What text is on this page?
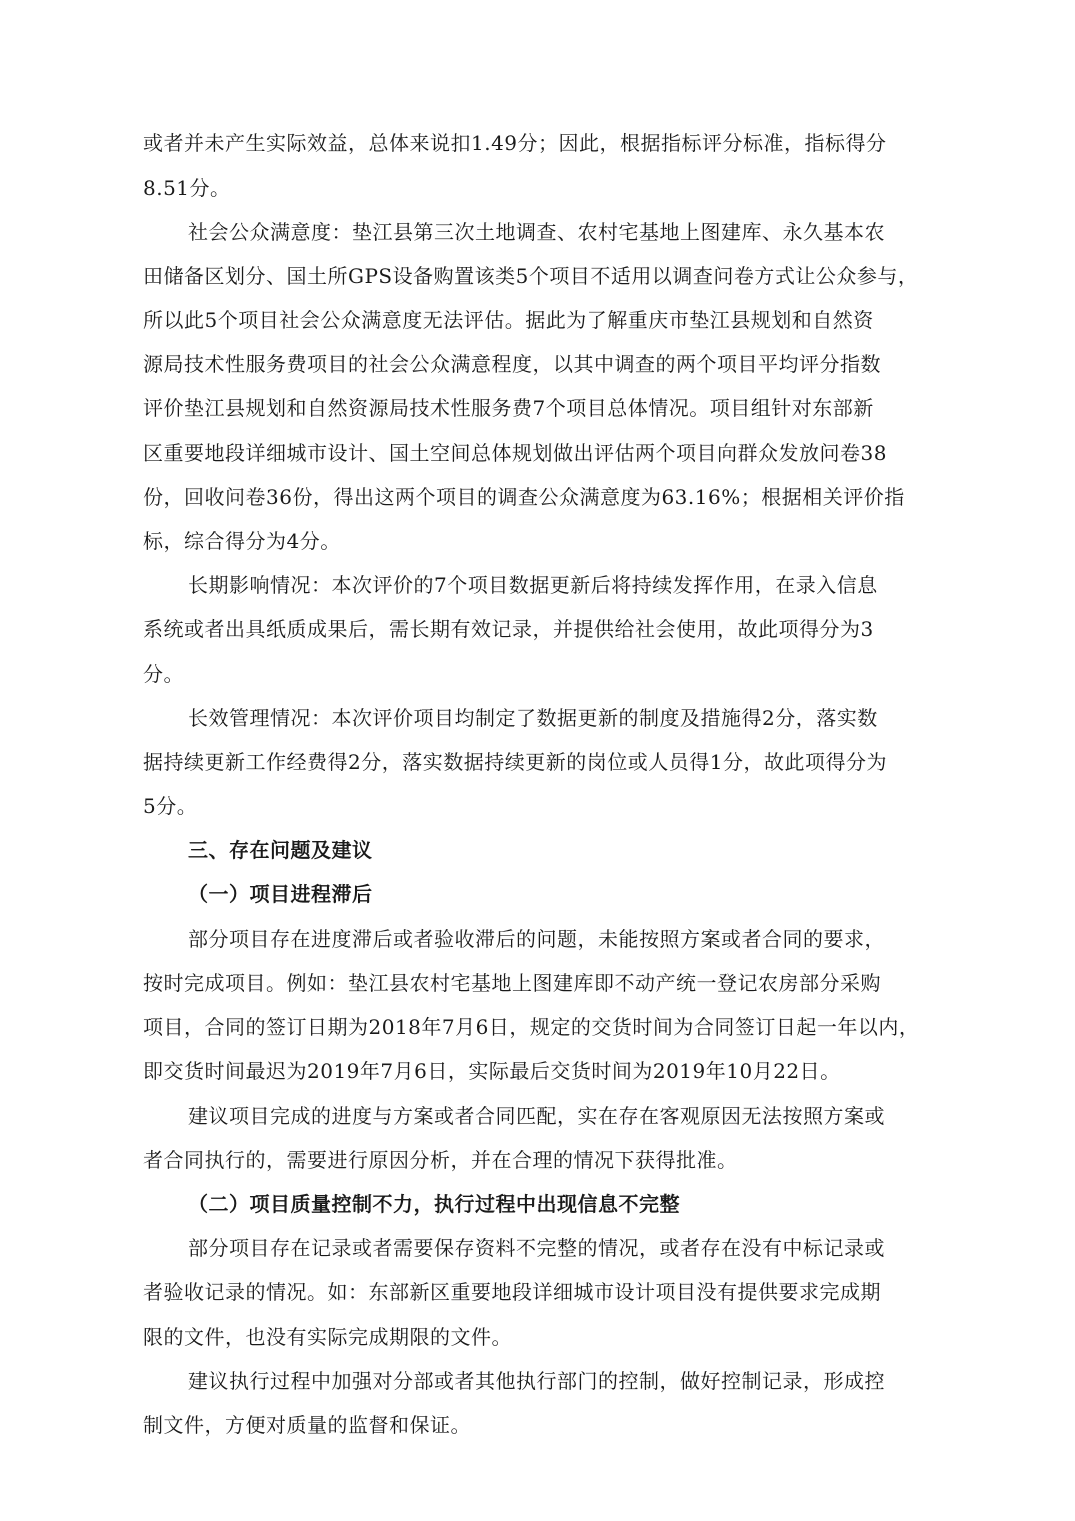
或者并未产生实际效益，总体来说扣1.49分；因此，根据指标评分标准，指标得分
8.51分。
社会公众满意度：垫江县第三次土地调查、农村宅基地上图建库、永久基本农
田储备区划分、国土所GPS设备购置该类5个项目不适用以调查问卷方式让公众参与，
所以此5个项目社会公众满意度无法评估。据此为了解重庆市垫江县规划和自然资
源局技术性服务费项目的社会公众满意程度，以其中调查的两个项目平均评分指数
评价垫江县规划和自然资源局技术性服务费7个项目总体情况。项目组针对东部新
区重要地段详细城市设计、国土空间总体规划做出评估两个项目向群众发放问卷38
份，回收问卷36份，得出这两个项目的调查公众满意度为63.16%；根据相关评价指
标，综合得分为4分。
长期影响情况：本次评价的7个项目数据更新后将持续发挥作用，在录入信息
系统或者出具纸质成果后，需长期有效记录，并提供给社会使用，故此项得分为3
分。
长效管理情况：本次评价项目均制定了数据更新的制度及措施得2分，落实数
据持续更新工作经费得2分，落实数据持续更新的岗位或人员得1分，故此项得分为
5分。
三、存在问题及建议
（一）项目进程滞后
部分项目存在进度滞后或者验收滞后的问题，未能按照方案或者合同的要求，
按时完成项目。例如：垫江县农村宅基地上图建库即不动产统一登记农房部分采购
项目，合同的签订日期为2018年7月6日，规定的交货时间为合同签订日起一年以内，
即交货时间最迟为2019年7月6日，实际最后交货时间为2019年10月22日。
建议项目完成的进度与方案或者合同匹配，实在存在客观原因无法按照方案或
者合同执行的，需要进行原因分析，并在合理的情况下获得批准。
（二）项目质量控制不力，执行过程中出现信息不完整
部分项目存在记录或者需要保存资料不完整的情况，或者存在没有中标记录或
者验收记录的情况。如：东部新区重要地段详细城市设计项目没有提供要求完成期
限的文件，也没有实际完成期限的文件。
建议执行过程中加强对分部或者其他执行部门的控制，做好控制记录，形成控
制文件，方便对质量的监督和保证。
